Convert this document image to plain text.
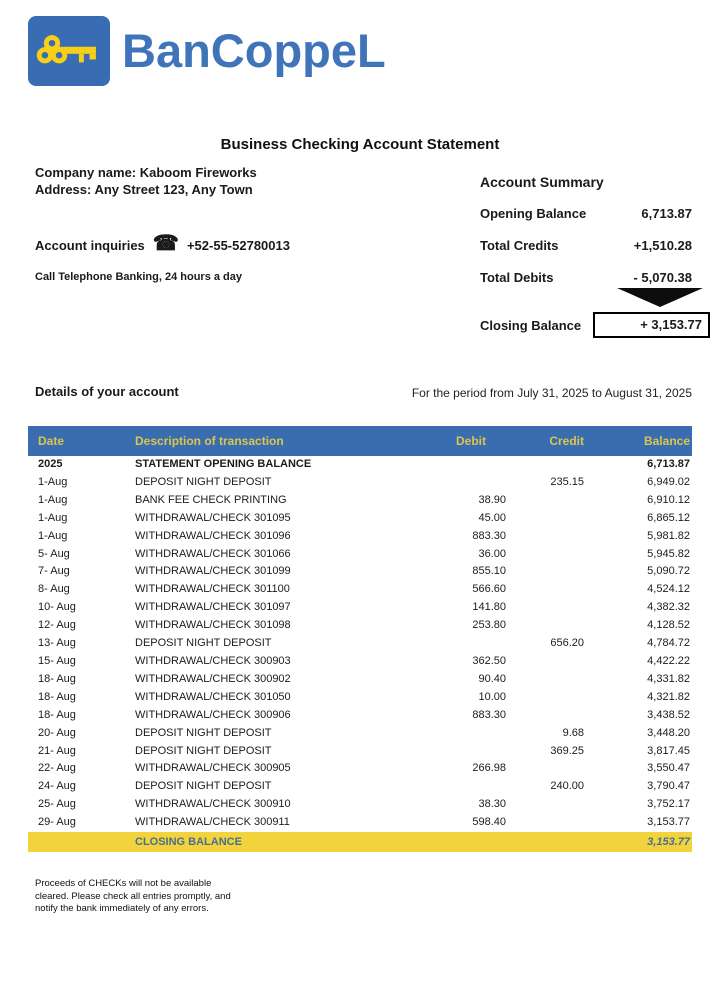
BanCoppeL
Business Checking Account Statement
Company name: Kaboom Fireworks
Address: Any Street 123, Any Town
Account inquiries ☎ +52-55-52780013
Call Telephone Banking, 24 hours a day
Account Summary
Opening Balance	6,713.87
Total Credits	+1,510.28
Total Debits	- 5,070.38
Closing Balance	+ 3,153.77
Details of your account	For the period from July 31, 2025 to August 31, 2025
Date	Description of transaction	Debit	Credit	Balance
2025	STATEMENT OPENING BALANCE			6,713.87
1-Aug	DEPOSIT NIGHT DEPOSIT		235.15	6,949.02
1-Aug	BANK FEE CHECK PRINTING	38.90		6,910.12
1-Aug	WITHDRAWAL/CHECK 301095	45.00		6,865.12
1-Aug	WITHDRAWAL/CHECK 301096	883.30		5,981.82
5- Aug	WITHDRAWAL/CHECK 301066	36.00		5,945.82
7- Aug	WITHDRAWAL/CHECK 301099	855.10		5,090.72
8- Aug	WITHDRAWAL/CHECK 301100	566.60		4,524.12
10- Aug	WITHDRAWAL/CHECK 301097	141.80		4,382.32
12- Aug	WITHDRAWAL/CHECK 301098	253.80		4,128.52
13- Aug	DEPOSIT NIGHT DEPOSIT		656.20	4,784.72
15- Aug	WITHDRAWAL/CHECK 300903	362.50		4,422.22
18- Aug	WITHDRAWAL/CHECK 300902	90.40		4,331.82
18- Aug	WITHDRAWAL/CHECK 301050	10.00		4,321.82
18- Aug	WITHDRAWAL/CHECK 300906	883.30		3,438.52
20- Aug	DEPOSIT NIGHT DEPOSIT		9.68	3,448.20
21- Aug	DEPOSIT NIGHT DEPOSIT		369.25	3,817.45
22- Aug	WITHDRAWAL/CHECK 300905	266.98		3,550.47
24- Aug	DEPOSIT NIGHT DEPOSIT		240.00	3,790.47
25- Aug	WITHDRAWAL/CHECK 300910	38.30		3,752.17
29- Aug	WITHDRAWAL/CHECK 300911	598.40		3,153.77
	CLOSING BALANCE			3,153.77
Proceeds of CHECKs will not be available
cleared. Please check all entries promptly, and
notify the bank immediately of any errors.
